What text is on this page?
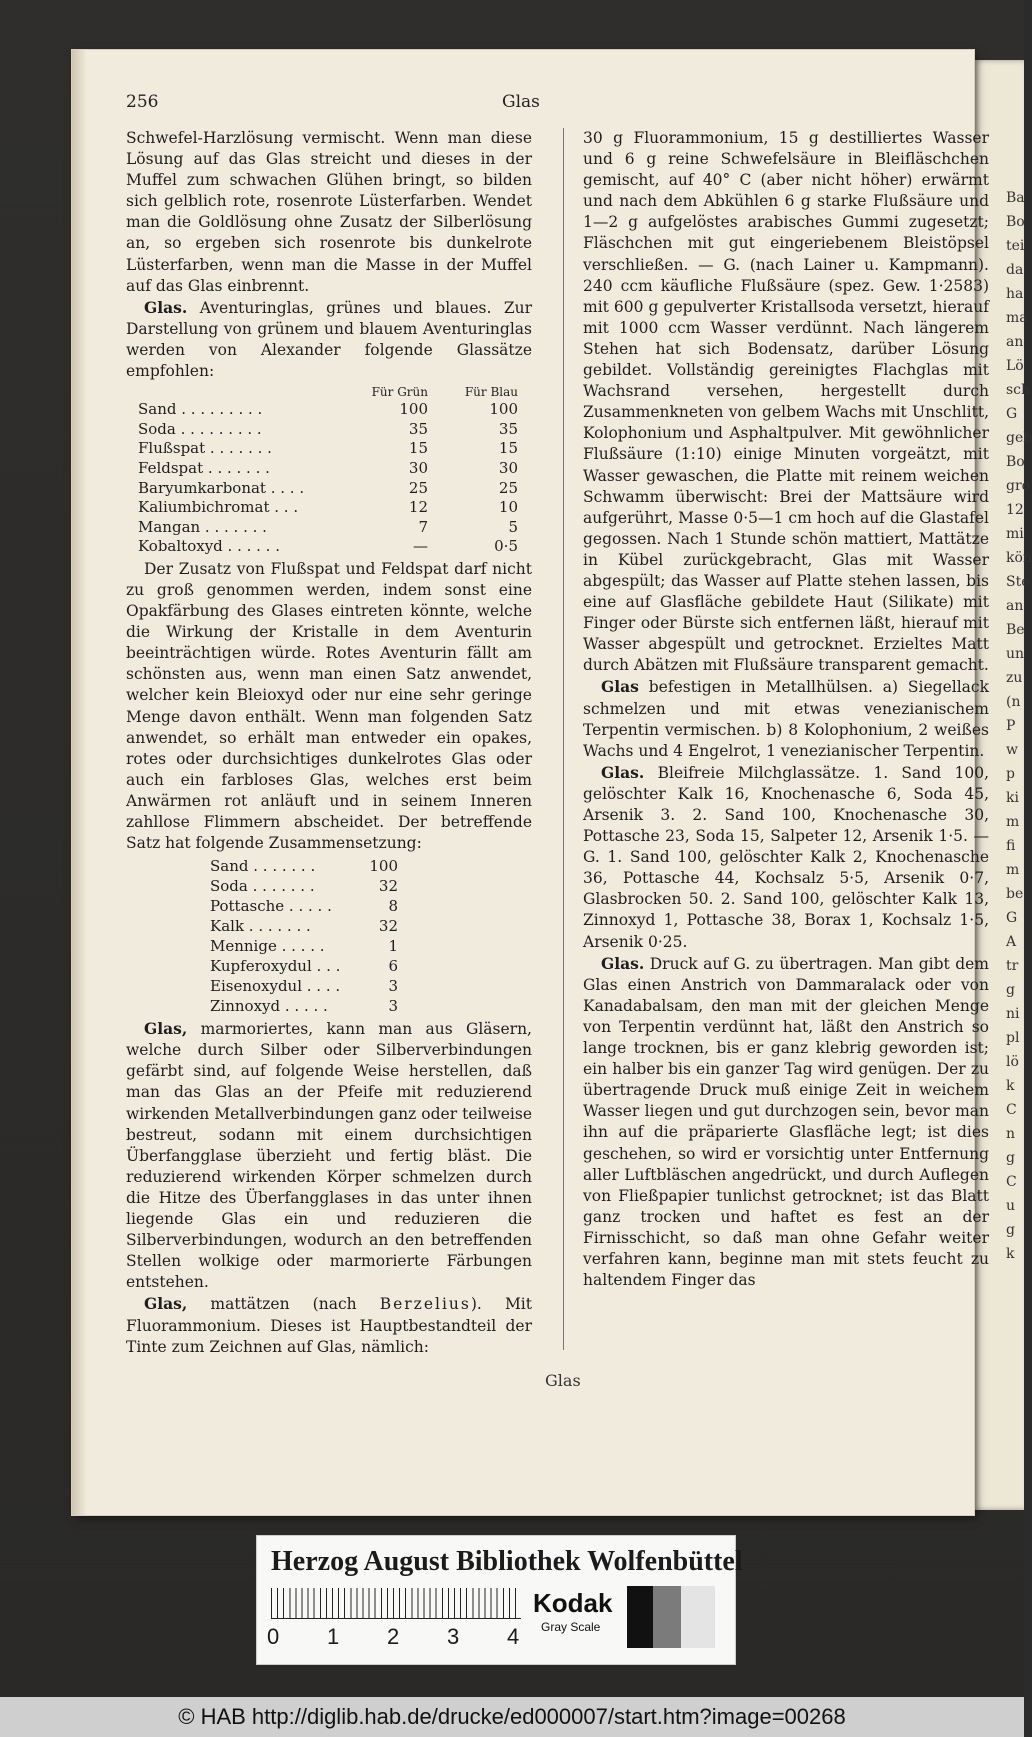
Ba
Bo
tei
da
ha
ma
an
Lö
sch
G
geb
Bo
gro
12
mi
kön
Ste
an
Be
un
zu
(n
P
w
p
ki
m
fi
m
be
G
A
tr
g
ni
pl
lö
k
C
n
g
C
u
g
k
256	Glas

Schwefel-Harzlösung vermischt. Wenn man diese Lösung auf das Glas streicht und dieses in der Muffel zum schwachen Glühen bringt, so bilden sich gelblich rote, rosenrote Lüsterfarben. Wendet man die Goldlösung ohne Zusatz der Silberlösung an, so ergeben sich rosenrote bis dunkelrote Lüsterfarben, wenn man die Masse in der Muffel auf das Glas einbrennt.

Glas. Aventuringlas, grünes und blaues. Zur Darstellung von grünem und blauem Aventuringlas werden von Alexander folgende Glassätze empfohlen:

	Für Grün	Für Blau
Sand . . . . . . . . .	100	100
Soda . . . . . . . . .	35	35
Flußspat . . . . . . .	15	15
Feldspat . . . . . . .	30	30
Baryumkarbonat . . . .	25	25
Kaliumbichromat . . .	12	10
Mangan . . . . . . .	7	5
Kobaltoxyd . . . . . .	—	0·5

Der Zusatz von Flußspat und Feldspat darf nicht zu groß genommen werden, indem sonst eine Opakfärbung des Glases eintreten könnte, welche die Wirkung der Kristalle in dem Aventurin beeinträchtigen würde. Rotes Aventurin fällt am schönsten aus, wenn man einen Satz anwendet, welcher kein Bleioxyd oder nur eine sehr geringe Menge davon enthält. Wenn man folgenden Satz anwendet, so erhält man entweder ein opakes, rotes oder durchsichtiges dunkelrotes Glas oder auch ein farbloses Glas, welches erst beim Anwärmen rot anläuft und in seinem Inneren zahllose Flimmern abscheidet. Der betreffende Satz hat folgende Zusammensetzung:

Sand . . . . . . .	100
Soda . . . . . . .	32
Pottasche . . . . .	8
Kalk . . . . . . .	32
Mennige . . . . .	1
Kupferoxydul . . .	6
Eisenoxydul . . . .	3
Zinnoxyd . . . . .	3

Glas, marmoriertes, kann man aus Gläsern, welche durch Silber oder Silberverbindungen gefärbt sind, auf folgende Weise herstellen, daß man das Glas an der Pfeife mit reduzierend wirkenden Metallverbindungen ganz oder teilweise bestreut, sodann mit einem durchsichtigen Überfangglase überzieht und fertig bläst. Die reduzierend wirkenden Körper schmelzen durch die Hitze des Überfangglases in das unter ihnen liegende Glas ein und reduzieren die Silberverbindungen, wodurch an den betreffenden Stellen wolkige oder marmorierte Färbungen entstehen.

Glas, mattätzen (nach Berzelius). Mit Fluorammonium. Dieses ist Hauptbestandteil der Tinte zum Zeichnen auf Glas, nämlich:

30 g Fluorammonium, 15 g destilliertes Wasser und 6 g reine Schwefelsäure in Bleifläschchen gemischt, auf 40° C (aber nicht höher) erwärmt und nach dem Abkühlen 6 g starke Flußsäure und 1—2 g aufgelöstes arabisches Gummi zugesetzt; Fläschchen mit gut eingeriebenem Bleistöpsel verschließen. — G. (nach Lainer u. Kampmann). 240 ccm käufliche Flußsäure (spez. Gew. 1·2583) mit 600 g gepulverter Kristallsoda versetzt, hierauf mit 1000 ccm Wasser verdünnt. Nach längerem Stehen hat sich Bodensatz, darüber Lösung gebildet. Vollständig gereinigtes Flachglas mit Wachsrand versehen, hergestellt durch Zusammenkneten von gelbem Wachs mit Unschlitt, Kolophonium und Asphaltpulver. Mit gewöhnlicher Flußsäure (1:10) einige Minuten vorgeätzt, mit Wasser gewaschen, die Platte mit reinem weichen Schwamm überwischt: Brei der Mattsäure wird aufgerührt, Masse 0·5—1 cm hoch auf die Glastafel gegossen. Nach 1 Stunde schön mattiert, Mattätze in Kübel zurückgebracht, Glas mit Wasser abgespült; das Wasser auf Platte stehen lassen, bis eine auf Glasfläche gebildete Haut (Silikate) mit Finger oder Bürste sich entfernen läßt, hierauf mit Wasser abgespült und getrocknet. Erzieltes Matt durch Abätzen mit Flußsäure transparent gemacht.

Glas befestigen in Metallhülsen. a) Siegellack schmelzen und mit etwas venezianischem Terpentin vermischen. b) 8 Kolophonium, 2 weißes Wachs und 4 Engelrot, 1 venezianischer Terpentin.

Glas. Bleifreie Milchglassätze. 1. Sand 100, gelöschter Kalk 16, Knochenasche 6, Soda 45, Arsenik 3. 2. Sand 100, Knochenasche 30, Pottasche 23, Soda 15, Salpeter 12, Arsenik 1·5. — G. 1. Sand 100, gelöschter Kalk 2, Knochenasche 36, Pottasche 44, Kochsalz 5·5, Arsenik 0·7, Glasbrocken 50. 2. Sand 100, gelöschter Kalk 13, Zinnoxyd 1, Pottasche 38, Borax 1, Kochsalz 1·5, Arsenik 0·25.

Glas. Druck auf G. zu übertragen. Man gibt dem Glas einen Anstrich von Dammaralack oder von Kanadabalsam, den man mit der gleichen Menge von Terpentin verdünnt hat, läßt den Anstrich so lange trocknen, bis er ganz klebrig geworden ist; ein halber bis ein ganzer Tag wird genügen. Der zu übertragende Druck muß einige Zeit in weichem Wasser liegen und gut durchzogen sein, bevor man ihn auf die präparierte Glasfläche legt; ist dies geschehen, so wird er vorsichtig unter Entfernung aller Luftbläschen angedrückt, und durch Auflegen von Fließpapier tunlichst getrocknet; ist das Blatt ganz trocken und haftet es fest an der Firnisschicht, so daß man ohne Gefahr weiter verfahren kann, beginne man mit stets feucht zu haltendem Finger das

Glas
Herzog August Bibliothek Wolfenbüttel
0 1 2 3 4
Kodak
Gray Scale
© HAB http://diglib.hab.de/drucke/ed000007/start.htm?image=00268
